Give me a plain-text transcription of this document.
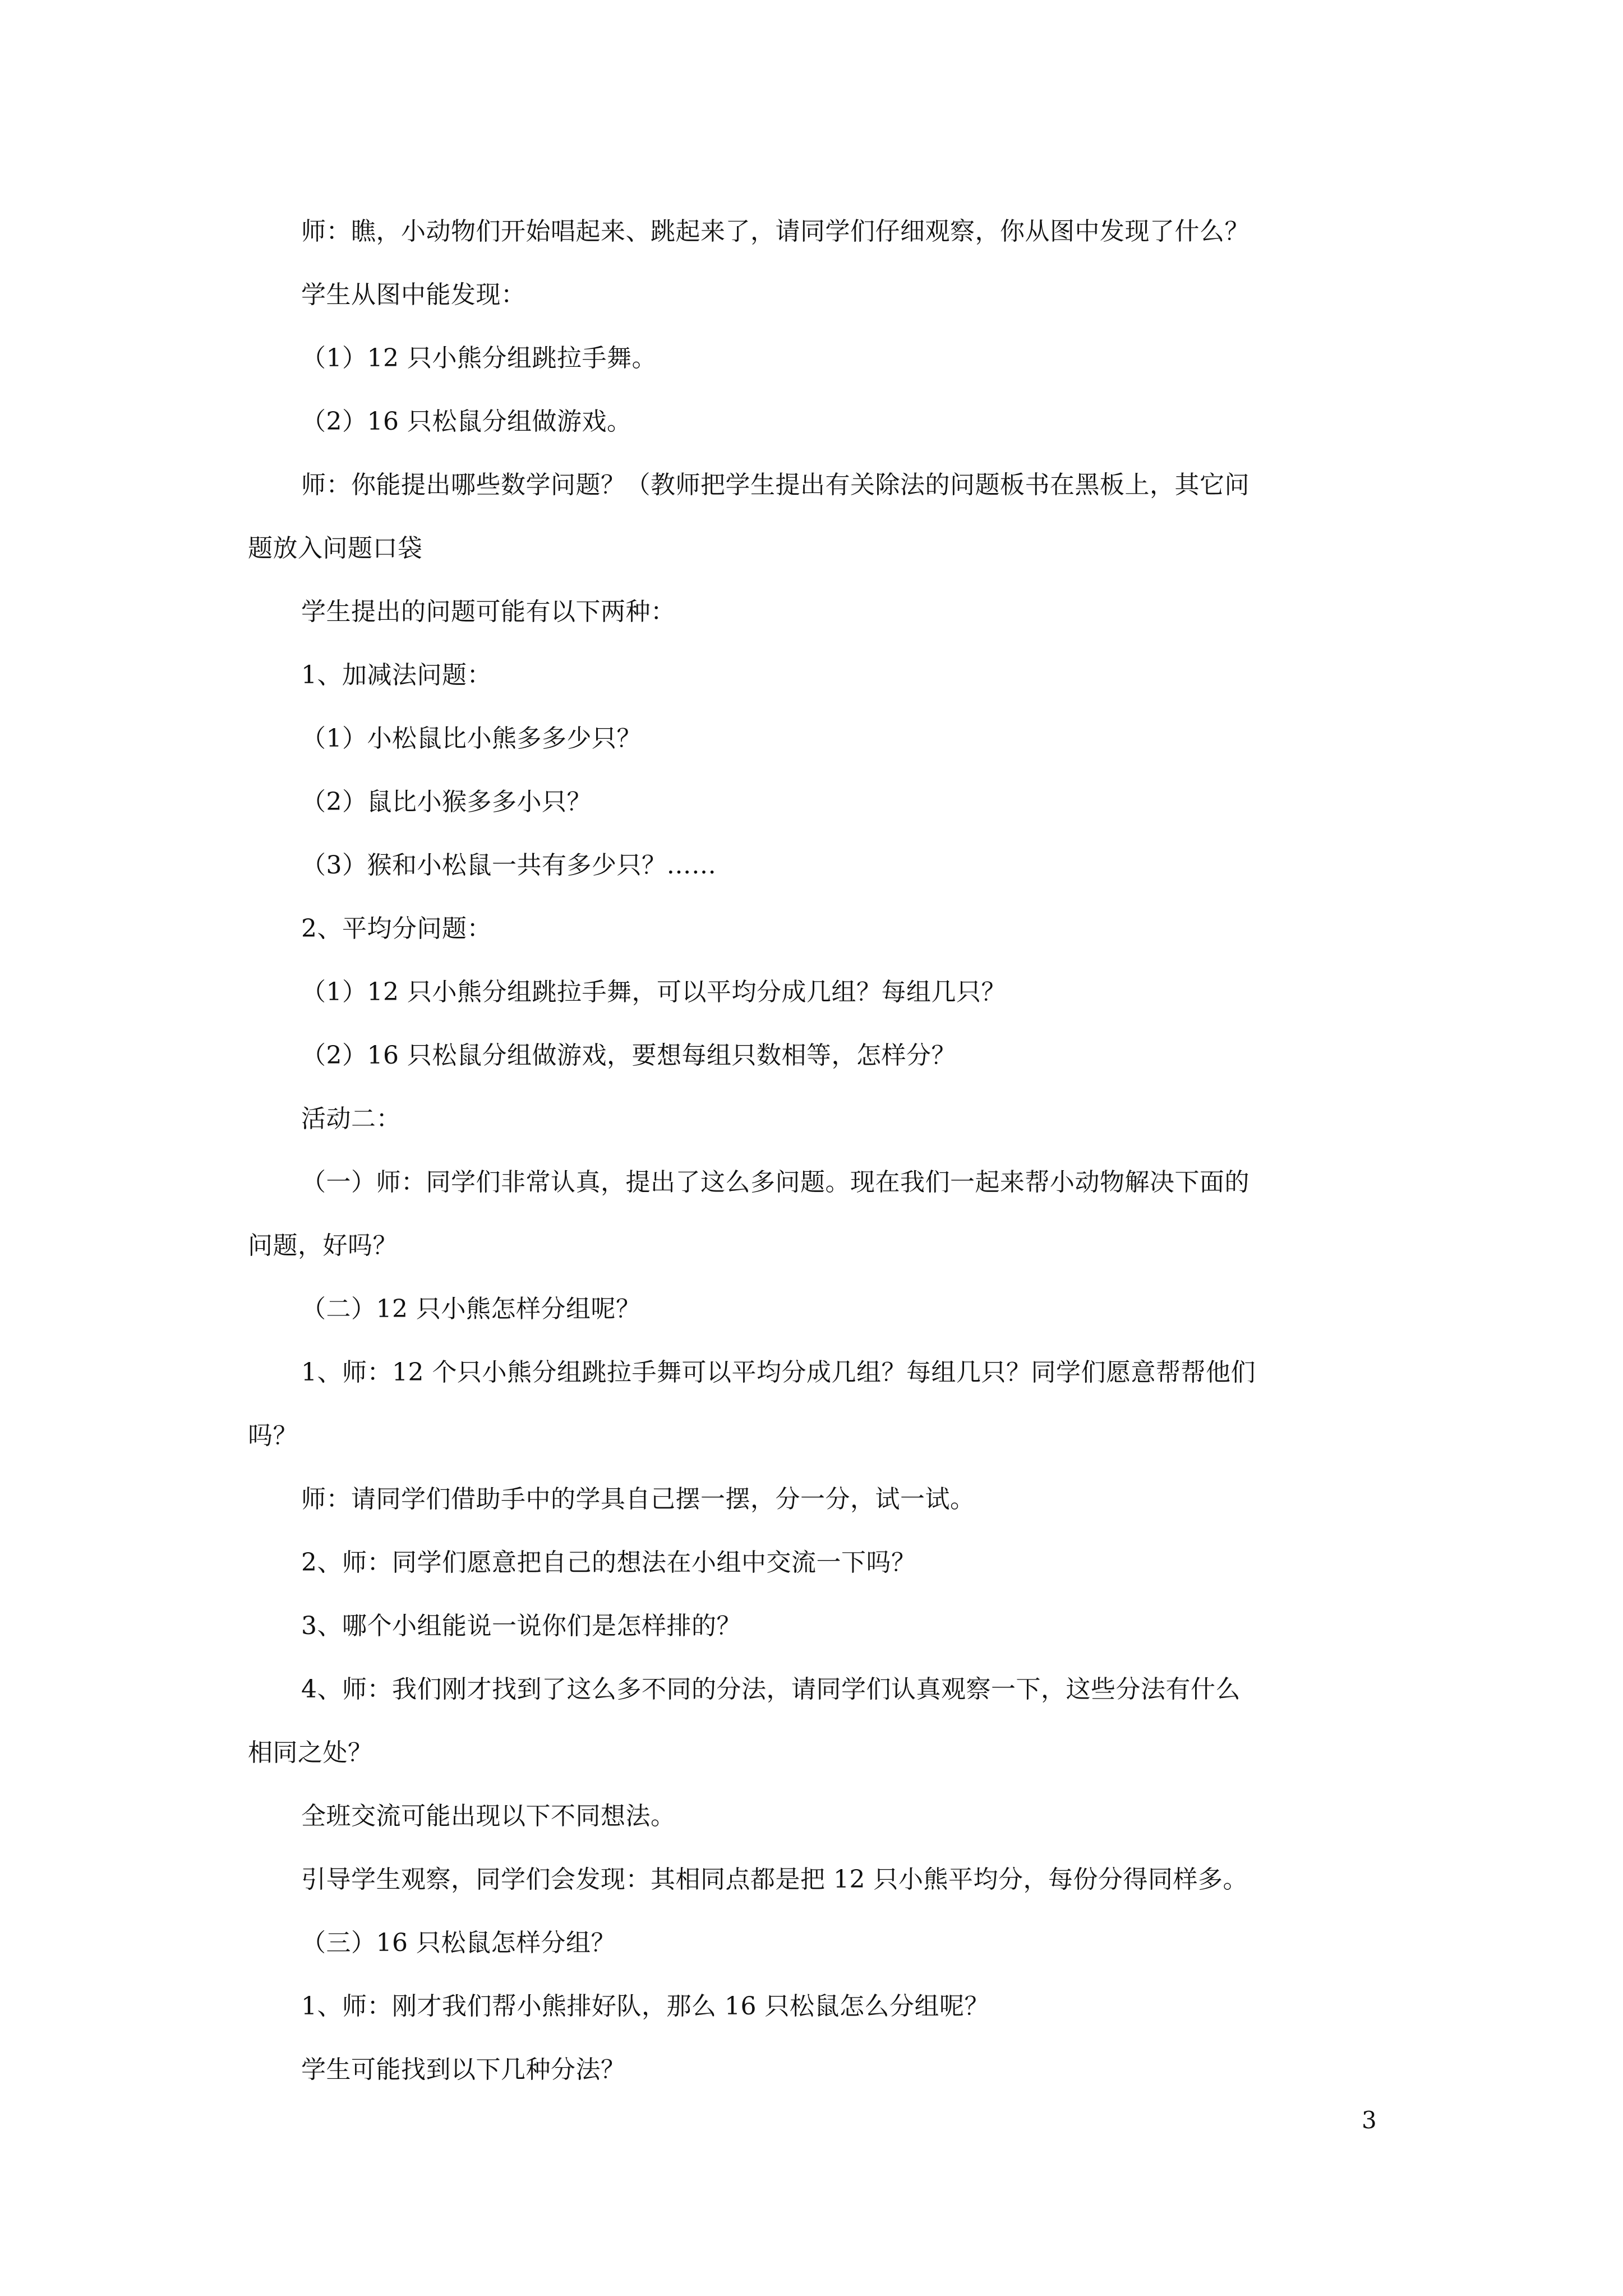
师：瞧，小动物们开始唱起来、跳起来了，请同学们仔细观察，你从图中发现了什么？
学生从图中能发现：
（1）12 只小熊分组跳拉手舞。
（2）16 只松鼠分组做游戏。
师：你能提出哪些数学问题？（教师把学生提出有关除法的问题板书在黑板上，其它问
题放入问题口袋
学生提出的问题可能有以下两种：
1、加减法问题：
（1）小松鼠比小熊多多少只？
（2）鼠比小猴多多小只？
（3）猴和小松鼠一共有多少只？……
2、平均分问题：
（1）12 只小熊分组跳拉手舞，可以平均分成几组？每组几只？
（2）16 只松鼠分组做游戏，要想每组只数相等，怎样分？
活动二：
（一）师：同学们非常认真，提出了这么多问题。现在我们一起来帮小动物解决下面的
问题，好吗？
（二）12 只小熊怎样分组呢？
1、师：12 个只小熊分组跳拉手舞可以平均分成几组？每组几只？同学们愿意帮帮他们
吗？
师：请同学们借助手中的学具自己摆一摆，分一分，试一试。
2、师：同学们愿意把自己的想法在小组中交流一下吗？
3、哪个小组能说一说你们是怎样排的？
4、师：我们刚才找到了这么多不同的分法，请同学们认真观察一下，这些分法有什么
相同之处？
全班交流可能出现以下不同想法。
引导学生观察，同学们会发现：其相同点都是把 12 只小熊平均分，每份分得同样多。
（三）16 只松鼠怎样分组？
1、师：刚才我们帮小熊排好队，那么 16 只松鼠怎么分组呢？
学生可能找到以下几种分法？
3
